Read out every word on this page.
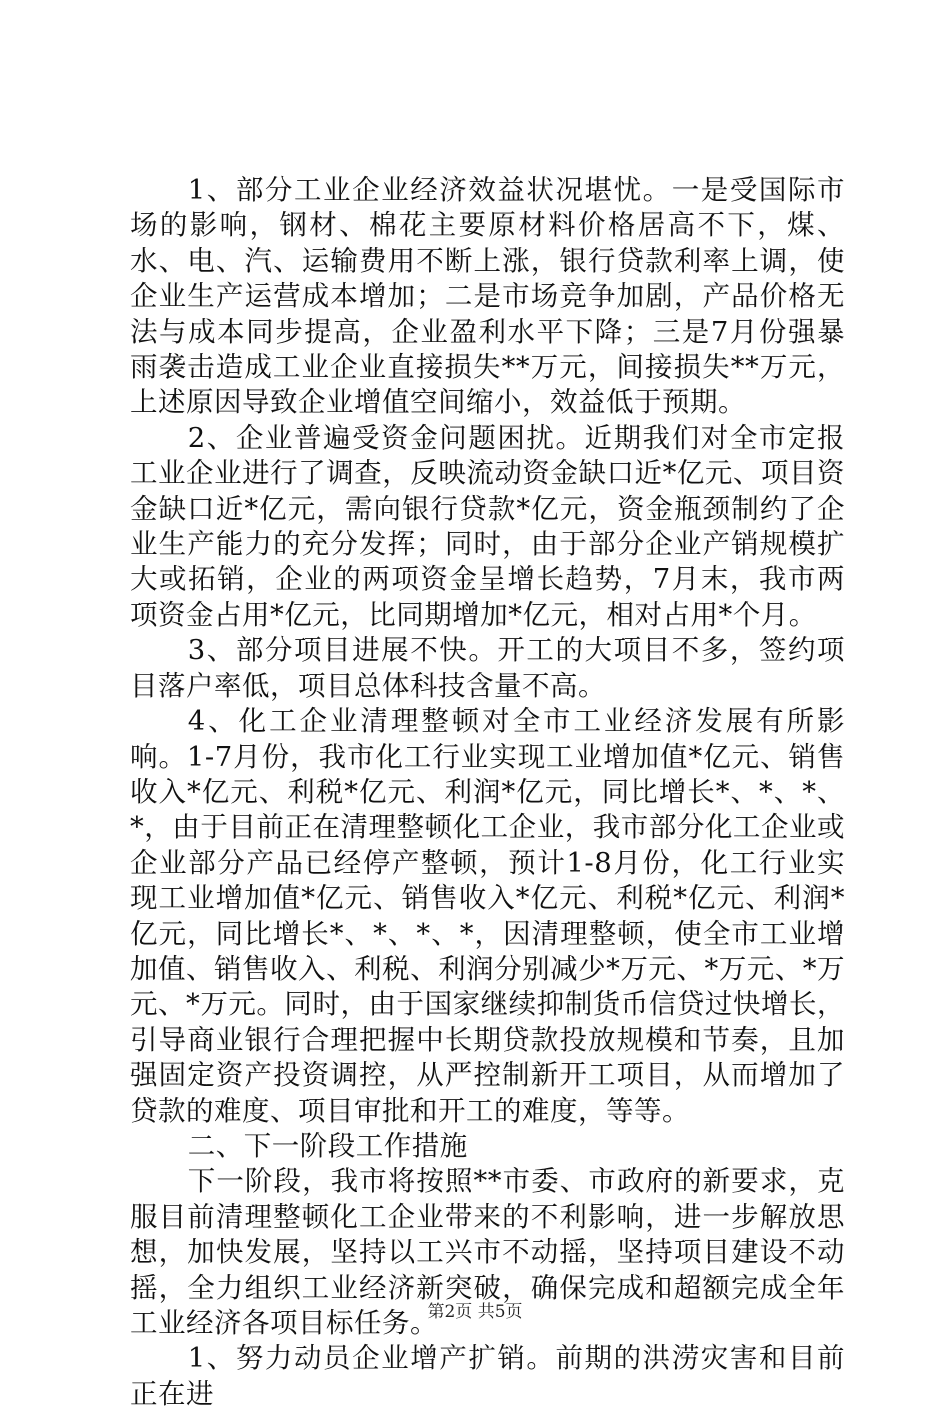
1、部分工业企业经济效益状况堪忧。一是受国际市场的影响，钢材、棉花主要原材料价格居高不下，煤、水、电、汽、运输费用不断上涨，银行贷款利率上调，使企业生产运营成本增加；二是市场竞争加剧，产品价格无法与成本同步提高，企业盈利水平下降；三是7月份强暴雨袭击造成工业企业直接损失**万元，间接损失**万元，上述原因导致企业增值空间缩小，效益低于预期。

2、企业普遍受资金问题困扰。近期我们对全市定报工业企业进行了调查，反映流动资金缺口近*亿元、项目资金缺口近*亿元，需向银行贷款*亿元，资金瓶颈制约了企业生产能力的充分发挥；同时，由于部分企业产销规模扩大或拓销，企业的两项资金呈增长趋势，7月末，我市两项资金占用*亿元，比同期增加*亿元，相对占用*个月。

3、部分项目进展不快。开工的大项目不多，签约项目落户率低，项目总体科技含量不高。

4、化工企业清理整顿对全市工业经济发展有所影响。1-7月份，我市化工行业实现工业增加值*亿元、销售收入*亿元、利税*亿元、利润*亿元，同比增长*、*、*、*，由于目前正在清理整顿化工企业，我市部分化工企业或企业部分产品已经停产整顿，预计1-8月份，化工行业实现工业增加值*亿元、销售收入*亿元、利税*亿元、利润*亿元，同比增长*、*、*、*，因清理整顿，使全市工业增加值、销售收入、利税、利润分别减少*万元、*万元、*万元、*万元。同时，由于国家继续抑制货币信贷过快增长，引导商业银行合理把握中长期贷款投放规模和节奏，且加强固定资产投资调控，从严控制新开工项目，从而增加了贷款的难度、项目审批和开工的难度，等等。

二、下一阶段工作措施

下一阶段，我市将按照**市委、市政府的新要求，克服目前清理整顿化工企业带来的不利影响，进一步解放思想，加快发展，坚持以工兴市不动摇，坚持项目建设不动摇，全力组织工业经济新突破，确保完成和超额完成全年工业经济各项目标任务。

1、努力动员企业增产扩销。前期的洪涝灾害和目前正在进

第2页 共5页
